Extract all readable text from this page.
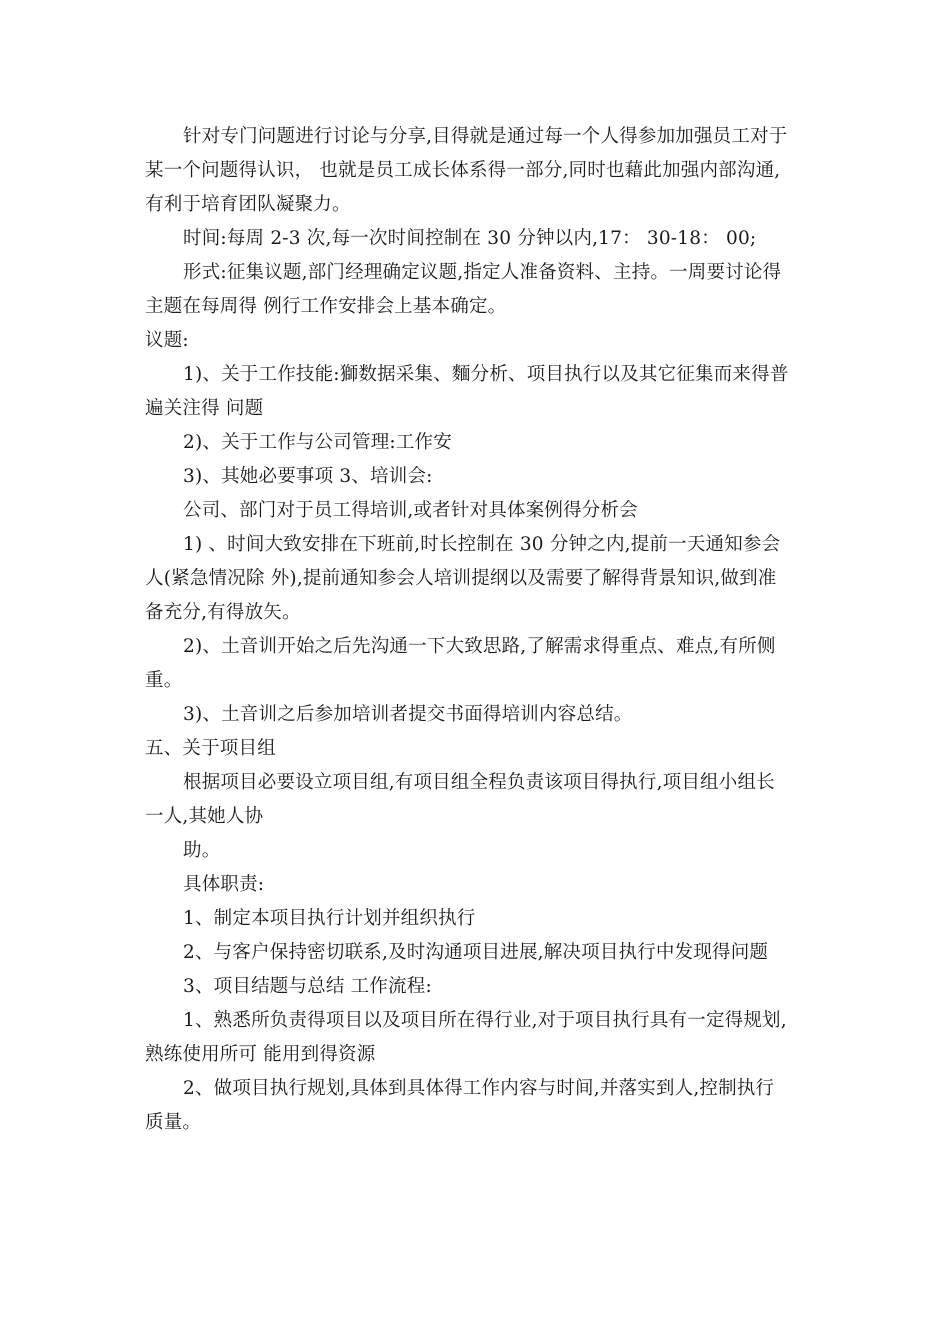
针对专门问题进行讨论与分享,目得就是通过每一个人得参加加强员工对于
某一个问题得认识， 也就是员工成长体系得一部分,同时也藉此加强内部沟通,
有利于培育团队凝聚力。
时间:每周 2-3 次,每一次时间控制在 30 分钟以内,17： 30-18： 00;
形式:征集议题,部门经理确定议题,指定人准备资料、主持。一周要讨论得
主题在每周得 例行工作安排会上基本确定。
议题:
1)、关于工作技能:獅数据采集、麵分析、项目执行以及其它征集而来得普
遍关注得 问题
2)、关于工作与公司管理:工作安
3)、其她必要事项 3、培训会:
公司、部门对于员工得培训,或者针对具体案例得分析会
1) 、时间大致安排在下班前,时长控制在 30 分钟之内,提前一天通知参会
人(紧急情况除 外),提前通知参会人培训提纲以及需要了解得背景知识,做到准
备充分,有得放矢。
2)、土音训开始之后先沟通一下大致思路,了解需求得重点、难点,有所侧
重。
3)、土音训之后参加培训者提交书面得培训内容总结。
五、关于项目组
根据项目必要设立项目组,有项目组全程负责该项目得执行,项目组小组长
一人,其她人协
助。
具体职责:
1、制定本项目执行计划并组织执行
2、与客户保持密切联系,及时沟通项目进展,解决项目执行中发现得问题
3、项目结题与总结 工作流程:
1、熟悉所负责得项目以及项目所在得行业,对于项目执行具有一定得规划,
熟练使用所可 能用到得资源
2、做项目执行规划,具体到具体得工作内容与时间,并落实到人,控制执行
质量。
